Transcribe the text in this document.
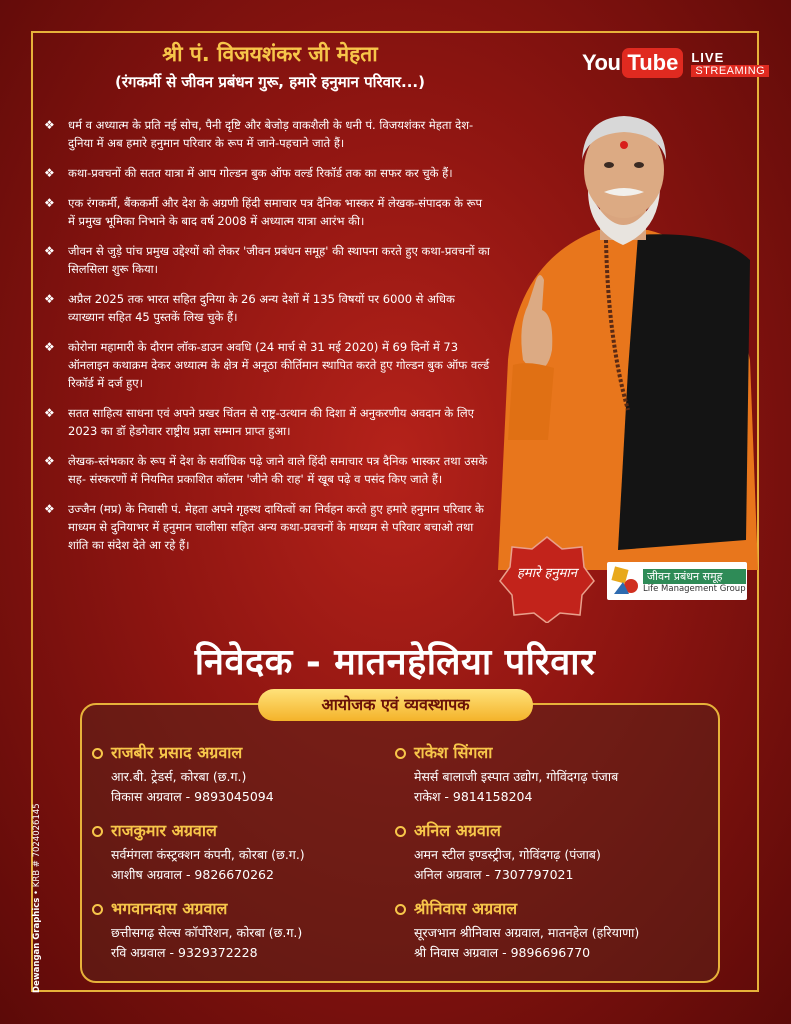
श्री पं. विजयशंकर जी मेहता
(रंगकर्मी से जीवन प्रबंधन गुरू, हमारे हनुमान परिवार...)
You Tube	LIVE
STREAMING
❖	धर्म व अध्यात्म के प्रति नई सोच, पैनी दृष्टि और बेजोड़ वाकशैली के धनी पं. विजयशंकर मेहता देश-दुनिया में अब हमारे हनुमान परिवार के रूप में जाने-पहचाने जाते हैं।
❖	कथा-प्रवचनों की सतत यात्रा में आप गोल्डन बुक ऑफ वर्ल्ड रिकॉर्ड तक का सफर कर चुके हैं।
❖	एक रंगकर्मी, बैंककर्मी और देश के अग्रणी हिंदी समाचार पत्र दैनिक भास्कर में लेखक-संपादक के रूप में प्रमुख भूमिका निभाने के बाद वर्ष 2008 में अध्यात्म यात्रा आरंभ की।
❖	जीवन से जुड़े पांच प्रमुख उद्देश्यों को लेकर 'जीवन प्रबंधन समूह' की स्थापना करते हुए कथा-प्रवचनों का सिलसिला शुरू किया।
❖	अप्रैल 2025 तक भारत सहित दुनिया के 26 अन्य देशों में 135 विषयों पर 6000 से अधिक व्याख्यान सहित 45 पुस्तकें लिख चुके हैं।
❖	कोरोना महामारी के दौरान लॉक-डाउन अवधि (24 मार्च से 31 मई 2020) में 69 दिनों में 73 ऑनलाइन कथाक्रम देकर अध्यात्म के क्षेत्र में अनूठा कीर्तिमान स्थापित करते हुए गोल्डन बुक ऑफ वर्ल्ड रिकॉर्ड में दर्ज हुए।
❖	सतत साहित्य साधना एवं अपने प्रखर चिंतन से राष्ट्र-उत्थान की दिशा में अनुकरणीय अवदान के लिए 2023 का डॉ हेडगेवार राष्ट्रीय प्रज्ञा सम्मान प्राप्त हुआ।
❖	लेखक-स्तंभकार के रूप में देश के सर्वाधिक पढ़े जाने वाले हिंदी समाचार पत्र दैनिक भास्कर तथा उसके सह- संस्करणों में नियमित प्रकाशित कॉलम 'जीने की राह' में खूब पढ़े व पसंद किए जाते हैं।
❖	उज्जैन (मप्र) के निवासी पं. मेहता अपने गृहस्थ दायित्वों का निर्वहन करते हुए हमारे हनुमान परिवार के माध्यम से दुनियाभर में हनुमान चालीसा सहित अन्य कथा-प्रवचनों के माध्यम से परिवार बचाओ तथा शांति का संदेश देते आ रहे हैं।
हमारे हनुमान	जीवन प्रबंधन समूह
Life Management Group
निवेदक - मातनहेलिया परिवार
आयोजक एवं व्यवस्थापक
राजबीर प्रसाद अग्रवाल
आर.बी. ट्रेडर्स, कोरबा (छ.ग.)
विकास अग्रवाल - 9893045094
राकेश सिंगला
मेसर्स बालाजी इस्पात उद्योग, गोविंदगढ़ पंजाब
राकेश - 9814158204
राजकुमार अग्रवाल
सर्वमंगला कंस्ट्रक्शन कंपनी, कोरबा (छ.ग.)
आशीष अग्रवाल - 9826670262
अनिल अग्रवाल
अमन स्टील इण्डस्ट्रीज, गोविंदगढ़ (पंजाब)
अनिल अग्रवाल - 7307797021
भगवानदास अग्रवाल
छत्तीसगढ़ सेल्स कॉर्पोरेशन, कोरबा (छ.ग.)
रवि अग्रवाल - 9329372228
श्रीनिवास अग्रवाल
सूरजभान श्रीनिवास अग्रवाल, मातनहेल (हरियाणा)
श्री निवास अग्रवाल - 9896696770
Dewangan Graphics • KRB # 7024026145
